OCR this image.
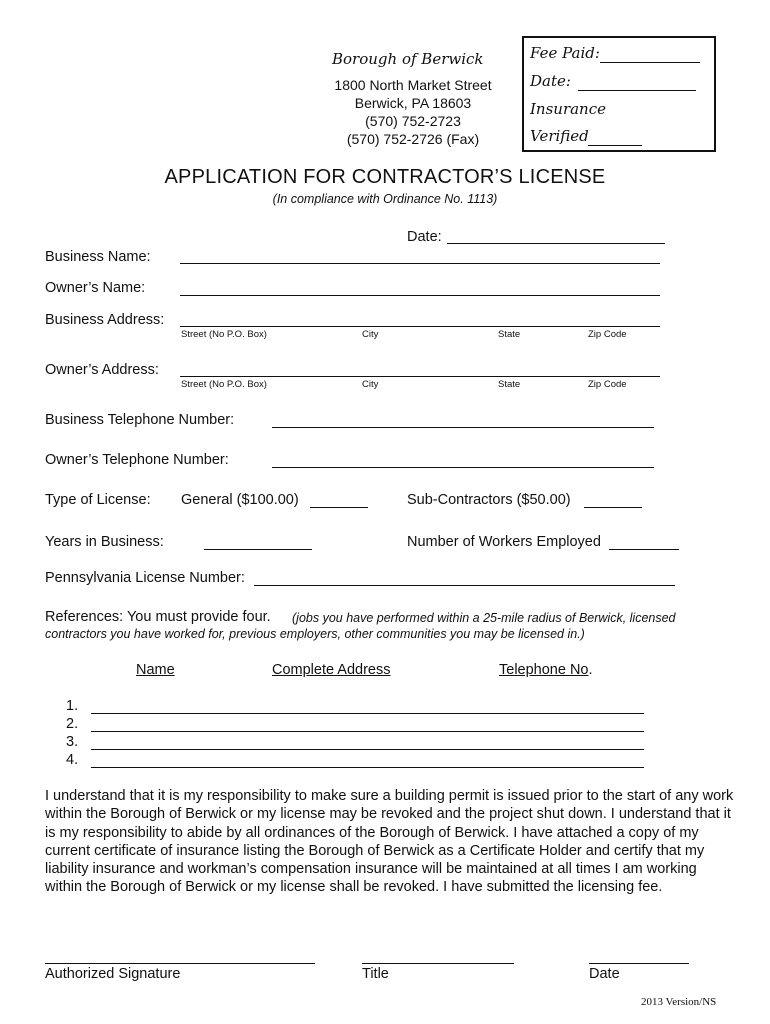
Borough of Berwick
1800 North Market Street
Berwick, PA 18603
(570) 752-2723
(570) 752-2726 (Fax)
Fee Paid:
Date:
Insurance
Verified
APPLICATION FOR CONTRACTOR’S LICENSE
(In compliance with Ordinance No. 1113)
Date:
Business Name:
Owner’s Name:
Business Address:
Street (No P.O. Box)	City	State	Zip Code
Owner’s Address:
Street (No P.O. Box)	City	State	Zip Code
Business Telephone Number:
Owner’s Telephone Number:
Type of License: General ($100.00)	Sub-Contractors ($50.00)
Years in Business:	Number of Workers Employed
Pennsylvania License Number:
References: You must provide four. (jobs you have performed within a 25-mile radius of Berwick, licensed
contractors you have worked for, previous employers, other communities you may be licensed in.)
Name	Complete Address	Telephone No.
1.
2.
3.
4.
I understand that it is my responsibility to make sure a building permit is issued prior to the start of any work within the Borough of Berwick or my license may be revoked and the project shut down. I understand that it is my responsibility to abide by all ordinances of the Borough of Berwick. I have attached a copy of my current certificate of insurance listing the Borough of Berwick as a Certificate Holder and certify that my liability insurance and workman’s compensation insurance will be maintained at all times I am working within the Borough of Berwick or my license shall be revoked. I have submitted the licensing fee.
Authorized Signature	Title	Date
2013 Version/NS
